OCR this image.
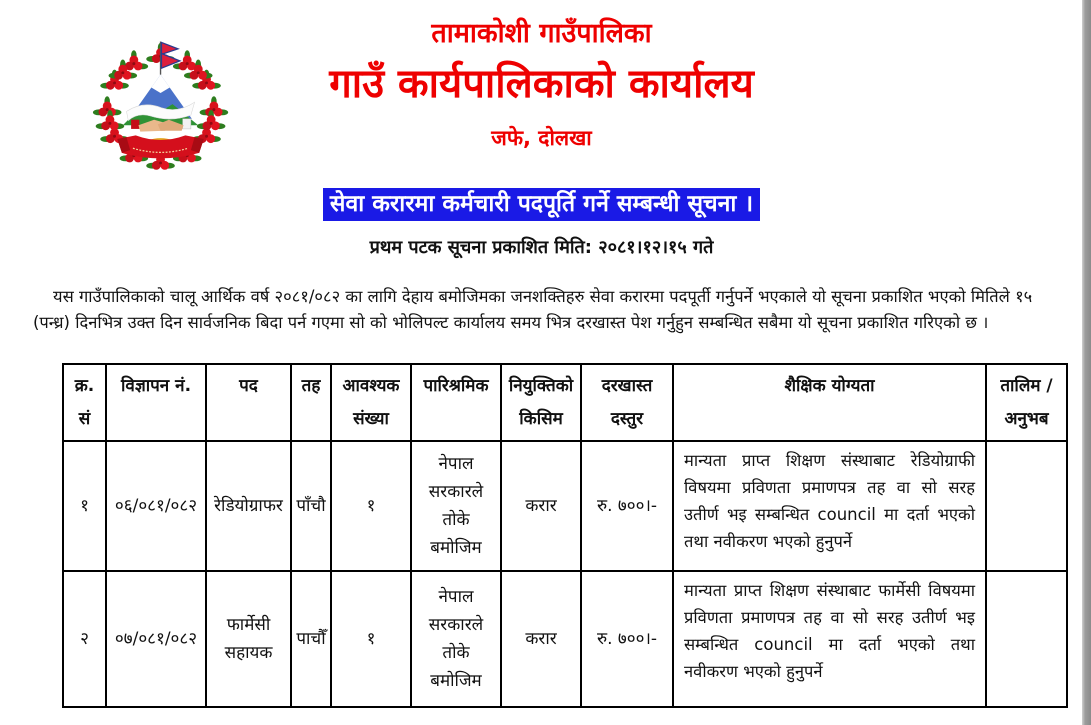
तामाकोशी गाउँपालिका
गाउँ कार्यपालिकाको कार्यालय
जफे, दोलखा
सेवा करारमा कर्मचारी पदपूर्ति गर्ने सम्बन्धी सूचना ।
प्रथम पटक सूचना प्रकाशित मिति: २०८१।१२।१५ गते

यस गाउँपालिकाको चालू आर्थिक वर्ष २०८१/०८२ का लागि देहाय बमोजिमका जनशक्तिहरु सेवा करारमा पदपूर्ती गर्नुपर्ने भएकाले यो सूचना प्रकाशित भएको मितिले १५ (पन्ध्र) दिनभित्र उक्त दिन सार्वजनिक बिदा पर्न गएमा सो को भोलिपल्ट कार्यालय समय भित्र दरखास्त पेश गर्नुहुन सम्बन्धित सबैमा यो सूचना प्रकाशित गरिएको छ ।

क्र. सं	विज्ञापन नं.	पद	तह	आवश्यक संख्या	पारिश्रमिक	नियुक्तिको किसिम	दरखास्त दस्तुर	शैक्षिक योग्यता	तालिम / अनुभब
१	०६/०८१/०८२	रेडियोग्राफर	पाँचौ	१	नेपाल सरकारले तोके बमोजिम	करार	रु. ७००।-	मान्यता प्राप्त शिक्षण संस्थाबाट रेडियोग्राफी विषयमा प्रविणता प्रमाणपत्र तह वा सो सरह उतीर्ण भइ सम्बन्धित council मा दर्ता भएको तथा नवीकरण भएको हुनुपर्ने	
२	०७/०८१/०८२	फार्मेसी सहायक	पाचौँ	१	नेपाल सरकारले तोके बमोजिम	करार	रु. ७००।-	मान्यता प्राप्त शिक्षण संस्थाबाट फार्मेसी विषयमा प्रविणता प्रमाणपत्र तह वा सो सरह उतीर्ण भइ सम्बन्धित council मा दर्ता भएको तथा नवीकरण भएको हुनुपर्ने	
